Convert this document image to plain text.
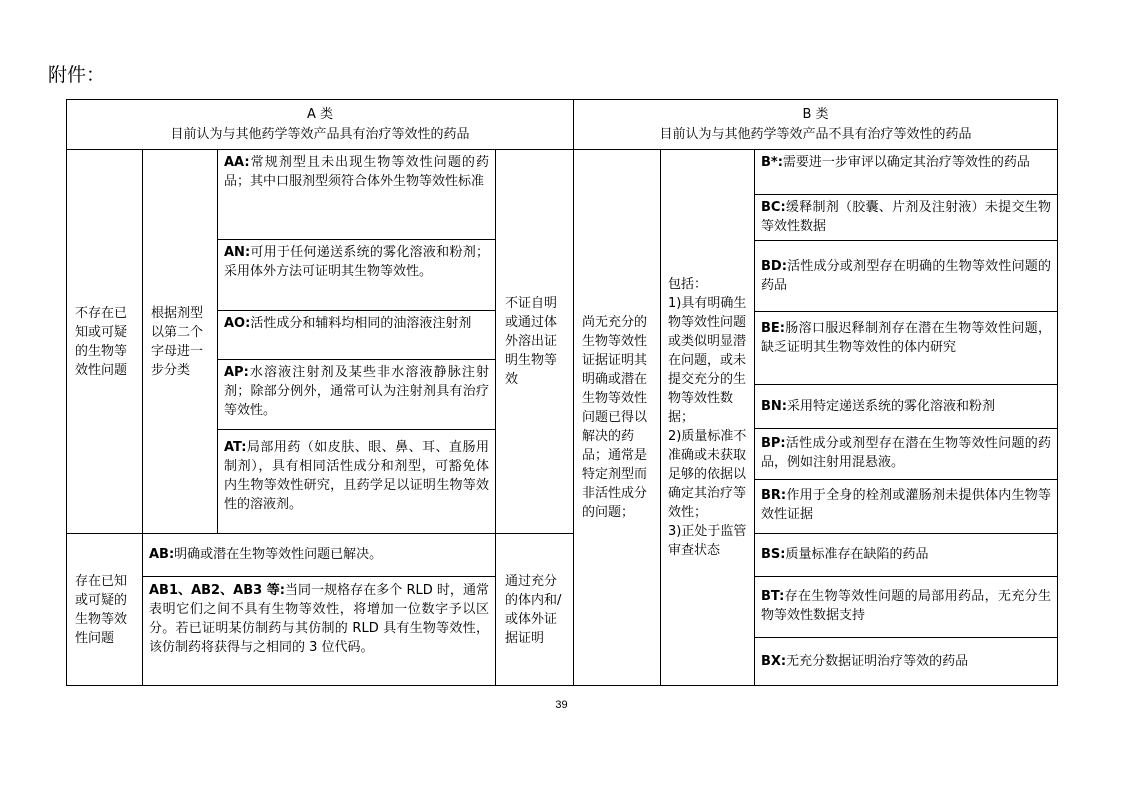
附件：
A 类
目前认为与其他药学等效产品具有治疗等效性的药品
B 类
目前认为与其他药学等效产品不具有治疗等效性的药品
不存在已知或可疑的生物等效性问题
根据剂型以第二个字母进一步分类
不证自明或通过体外溶出证明生物等效
AA:常规剂型且未出现生物等效性问题的药品；其中口服剂型须符合体外生物等效性标准
AN:可用于任何递送系统的雾化溶液和粉剂；采用体外方法可证明其生物等效性。
AO:活性成分和辅料均相同的油溶液注射剂
AP:水溶液注射剂及某些非水溶液静脉注射剂；除部分例外，通常可认为注射剂具有治疗等效性。
AT:局部用药（如皮肤、眼、鼻、耳、直肠用制剂），具有相同活性成分和剂型，可豁免体内生物等效性研究，且药学足以证明生物等效性的溶液剂。
存在已知或可疑的生物等效性问题
AB:明确或潜在生物等效性问题已解决。
AB1、AB2、AB3 等:当同一规格存在多个 RLD 时，通常表明它们之间不具有生物等效性，将增加一位数字予以区分。若已证明某仿制药与其仿制的 RLD 具有生物等效性，该仿制药将获得与之相同的 3 位代码。
通过充分的体内和/或体外证据证明
尚无充分的生物等效性证据证明其明确或潜在生物等效性问题已得以解决的药品；通常是特定剂型而非活性成分的问题；
包括：
1)具有明确生物等效性问题或类似明显潜在问题，或未提交充分的生物等效性数据；
2)质量标准不准确或未获取足够的依据以确定其治疗等效性；
3)正处于监管审查状态
B*:需要进一步审评以确定其治疗等效性的药品
BC:缓释制剂（胶囊、片剂及注射液）未提交生物等效性数据
BD:活性成分或剂型存在明确的生物等效性问题的药品
BE:肠溶口服迟释制剂存在潜在生物等效性问题，缺乏证明其生物等效性的体内研究
BN:采用特定递送系统的雾化溶液和粉剂
BP:活性成分或剂型存在潜在生物等效性问题的药品，例如注射用混悬液。
BR:作用于全身的栓剂或灌肠剂未提供体内生物等效性证据
BS:质量标准存在缺陷的药品
BT:存在生物等效性问题的局部用药品，无充分生物等效性数据支持
BX:无充分数据证明治疗等效的药品
39
